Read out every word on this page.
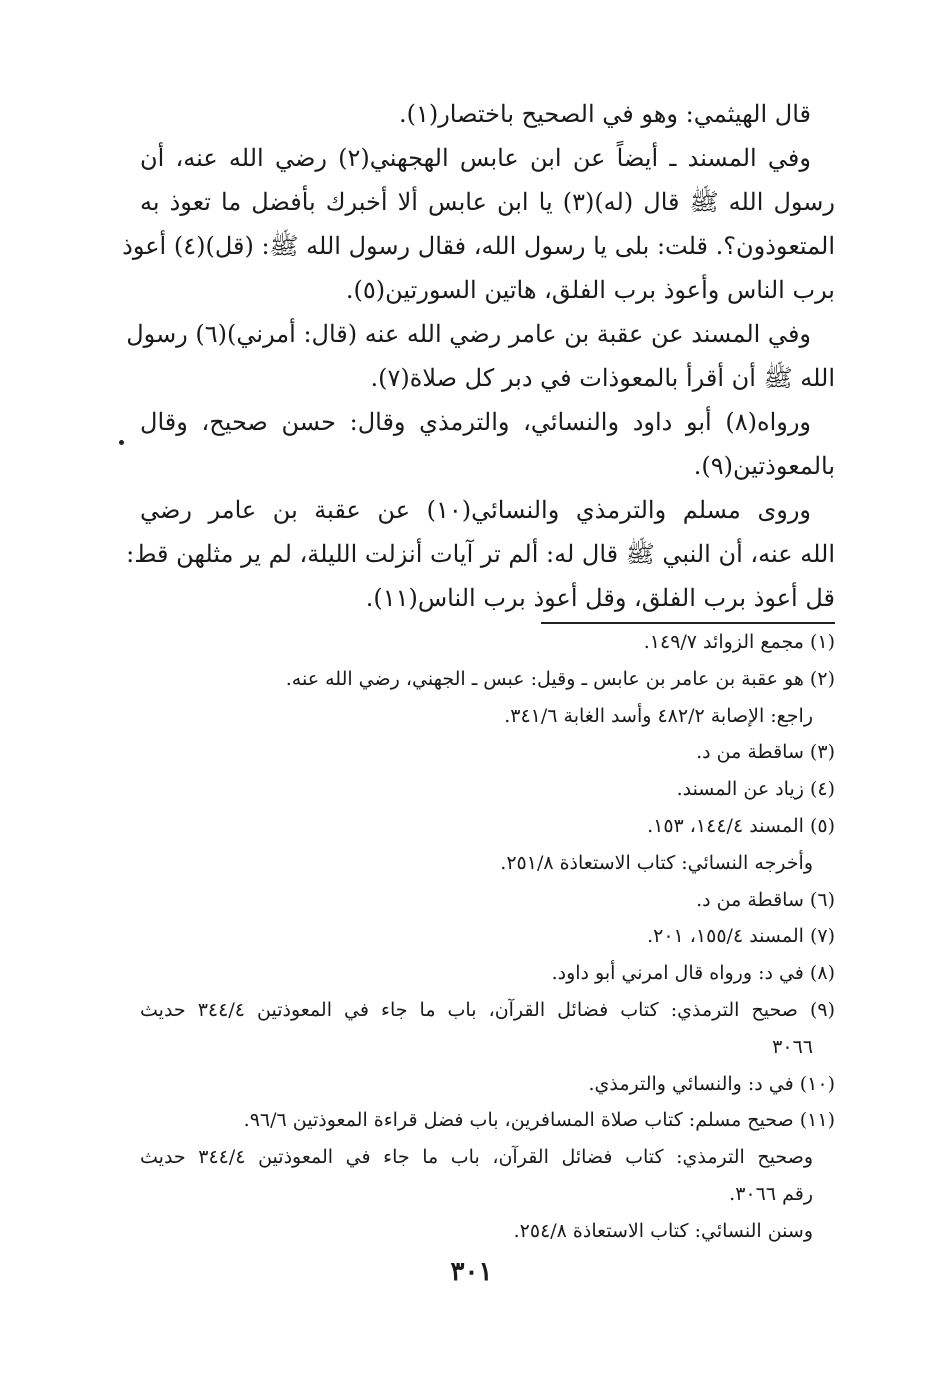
قال الهيثمي: وهو في الصحيح باختصار(١).
وفي المسند ـ أيضاً عن ابن عابس الهجهني(٢) رضي الله عنه، أن
رسول الله ﷺ قال (له)(٣) يا ابن عابس ألا أخبرك بأفضل ما تعوذ به
المتعوذون؟. قلت: بلى يا رسول الله، فقال رسول الله ﷺ: (قل)(٤) أعوذ
برب الناس وأعوذ برب الفلق، هاتين السورتين(٥).
وفي المسند عن عقبة بن عامر رضي الله عنه (قال: أمرني)(٦) رسول
الله ﷺ أن أقرأ بالمعوذات في دبر كل صلاة(٧).
ورواه(٨) أبو داود والنسائي، والترمذي وقال: حسن صحيح، وقال
بالمعوذتين(٩).
وروى مسلم والترمذي والنسائي(١٠) عن عقبة بن عامر رضي
الله عنه، أن النبي ﷺ قال له: ألم تر آيات أنزلت الليلة، لم ير مثلهن قط:
قل أعوذ برب الفلق، وقل أعوذ برب الناس(١١).
(١) مجمع الزوائد ١٤٩/٧.
(٢) هو عقبة بن عامر بن عابس ـ وقيل: عبس ـ الجهني، رضي الله عنه.
راجع: الإصابة ٤٨٢/٢ وأسد الغابة ٣٤١/٦.
(٣) ساقطة من د.
(٤) زياد عن المسند.
(٥) المسند ١٤٤/٤، ١٥٣.
وأخرجه النسائي: كتاب الاستعاذة ٢٥١/٨.
(٦) ساقطة من د.
(٧) المسند ١٥٥/٤، ٢٠١.
(٨) في د: ورواه قال امرني أبو داود.
(٩) صحيح الترمذي: كتاب فضائل القرآن، باب ما جاء في المعوذتين ٣٤٤/٤ حديث
٣٠٦٦
(١٠) في د: والنسائي والترمذي.
(١١) صحيح مسلم: كتاب صلاة المسافرين، باب فضل قراءة المعوذتين ٩٦/٦.
وصحيح الترمذي: كتاب فضائل القرآن، باب ما جاء في المعوذتين ٣٤٤/٤ حديث
رقم ٣٠٦٦.
وسنن النسائي: كتاب الاستعاذة ٢٥٤/٨.
٣٠١
